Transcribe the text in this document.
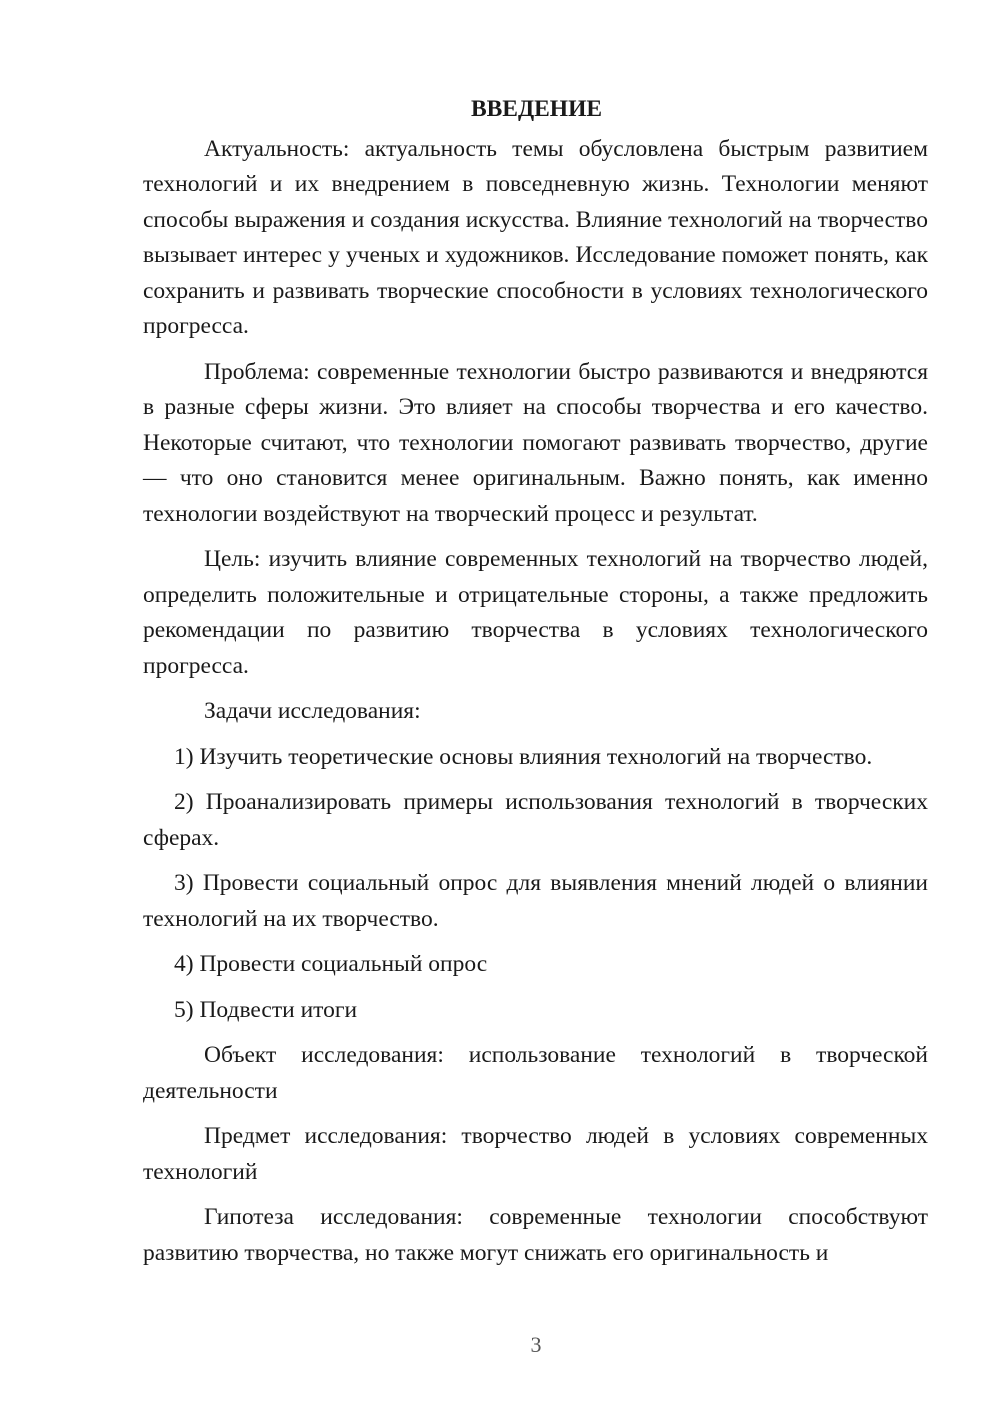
ВВЕДЕНИЕ

Актуальность: актуальность темы обусловлена быстрым развитием технологий и их внедрением в повседневную жизнь. Технологии меняют способы выражения и создания искусства. Влияние технологий на творчество вызывает интерес у ученых и художников. Исследование поможет понять, как сохранить и развивать творческие способности в условиях технологического прогресса.

Проблема: современные технологии быстро развиваются и внедряются в разные сферы жизни. Это влияет на способы творчества и его качество. Некоторые считают, что технологии помогают развивать творчество, другие — что оно становится менее оригинальным. Важно понять, как именно технологии воздействуют на творческий процесс и результат.

Цель: изучить влияние современных технологий на творчество людей, определить положительные и отрицательные стороны, а также предложить рекомендации по развитию творчества в условиях технологического прогресса.

Задачи исследования:

1) Изучить теоретические основы влияния технологий на творчество.

2) Проанализировать примеры использования технологий в творческих сферах.

3) Провести социальный опрос для выявления мнений людей о влиянии технологий на их творчество.

4) Провести социальный опрос

5) Подвести итоги

Объект исследования: использование технологий в творческой деятельности

Предмет исследования: творчество людей в условиях современных технологий

Гипотеза исследования: современные технологии способствуют развитию творчества, но также могут снижать его оригинальность и

3
